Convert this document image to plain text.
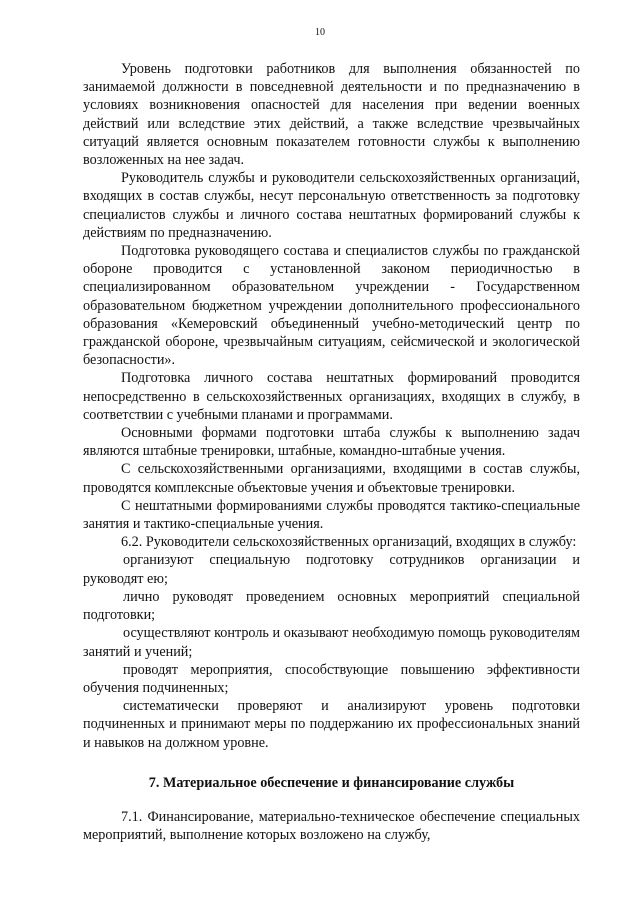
10

Уровень подготовки работников для выполнения обязанностей по занимаемой должности в повседневной деятельности и по предназначению в условиях возникновения опасностей для населения при ведении военных действий или вследствие этих действий, а также вследствие чрезвычайных ситуаций является основным показателем готовности службы к выполнению возложенных на нее задач.

Руководитель службы и руководители сельскохозяйственных организаций, входящих в состав службы, несут персональную ответственность за подготовку специалистов службы и личного состава нештатных формирований службы к действиям по предназначению.

Подготовка руководящего состава и специалистов службы по гражданской обороне проводится с установленной законом периодичностью в специализированном образовательном учреждении - Государственном образовательном бюджетном учреждении дополнительного профессионального образования «Кемеровский объединенный учебно-методический центр по гражданской обороне, чрезвычайным ситуациям, сейсмической и экологической безопасности».

Подготовка личного состава нештатных формирований проводится непосредственно в сельскохозяйственных организациях, входящих в службу, в соответствии с учебными планами и программами.

Основными формами подготовки штаба службы к выполнению задач являются штабные тренировки, штабные, командно-штабные учения.

С сельскохозяйственными организациями, входящими в состав службы, проводятся комплексные объектовые учения и объектовые тренировки.

С нештатными формированиями службы проводятся тактико-специальные занятия и тактико-специальные учения.

6.2. Руководители сельскохозяйственных организаций, входящих в службу:

организуют специальную подготовку сотрудников организации и руководят ею;

лично руководят проведением основных мероприятий специальной подготовки;

осуществляют контроль и оказывают необходимую помощь руководителям занятий и учений;

проводят мероприятия, способствующие повышению эффективности обучения подчиненных;

систематически проверяют и анализируют уровень подготовки подчиненных и принимают меры по поддержанию их профессиональных знаний и навыков на должном уровне.

7. Материальное обеспечение и финансирование службы

7.1. Финансирование, материально-техническое обеспечение специальных мероприятий, выполнение которых возложено на службу,
